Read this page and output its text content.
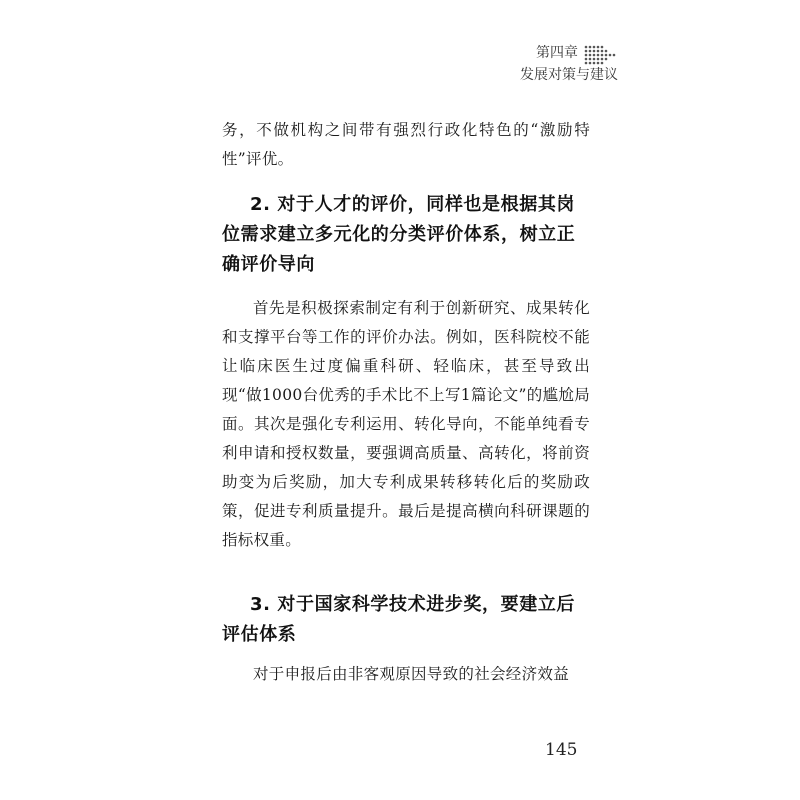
第四章
发展对策与建议

务，不做机构之间带有强烈行政化特色的“激励特性”评优。

2. 对于人才的评价，同样也是根据其岗位需求建立多元化的分类评价体系，树立正确评价导向

首先是积极探索制定有利于创新研究、成果转化和支撑平台等工作的评价办法。例如，医科院校不能让临床医生过度偏重科研、轻临床，甚至导致出现“做1000台优秀的手术比不上写1篇论文”的尴尬局面。其次是强化专利运用、转化导向，不能单纯看专利申请和授权数量，要强调高质量、高转化，将前资助变为后奖励，加大专利成果转移转化后的奖励政策，促进专利质量提升。最后是提高横向科研课题的指标权重。

3. 对于国家科学技术进步奖，要建立后评估体系

对于申报后由非客观原因导致的社会经济效益

145
